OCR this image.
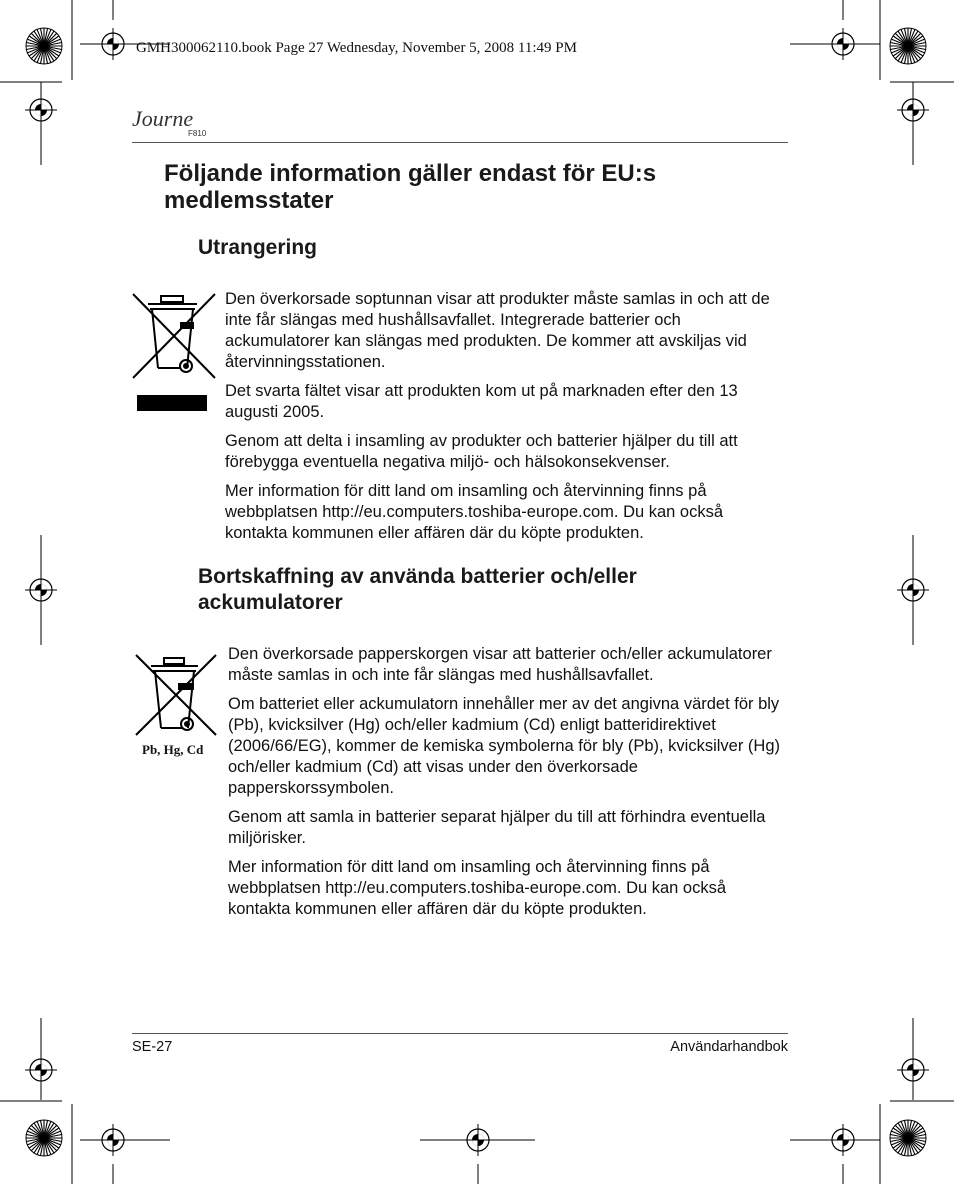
GMH300062110.book Page 27 Wednesday, November 5, 2008 11:49 PM
Journe
F810
Följande information gäller endast för EU:s medlemsstater
Utrangering

Den överkorsade soptunnan visar att produkter måste samlas in och att de inte får slängas med hushållsavfallet. Integrerade batterier och ackumulatorer kan slängas med produkten. De kommer att avskiljas vid återvinningsstationen.

Det svarta fältet visar att produkten kom ut på marknaden efter den 13 augusti 2005.

Genom att delta i insamling av produkter och batterier hjälper du till att förebygga eventuella negativa miljö- och hälsokonsekvenser.

Mer information för ditt land om insamling och återvinning finns på webbplatsen http://eu.computers.toshiba-europe.com. Du kan också kontakta kommunen eller affären där du köpte produkten.

Bortskaffning av använda batterier och/eller ackumulatorer
Pb, Hg, Cd

Den överkorsade papperskorgen visar att batterier och/eller ackumulatorer måste samlas in och inte får slängas med hushållsavfallet.

Om batteriet eller ackumulatorn innehåller mer av det angivna värdet för bly (Pb), kvicksilver (Hg) och/eller kadmium (Cd) enligt batteridirektivet (2006/66/EG), kommer de kemiska symbolerna för bly (Pb), kvicksilver (Hg) och/eller kadmium (Cd) att visas under den överkorsade papperskorssymbolen.

Genom att samla in batterier separat hjälper du till att förhindra eventuella miljörisker.

Mer information för ditt land om insamling och återvinning finns på webbplatsen http://eu.computers.toshiba-europe.com. Du kan också kontakta kommunen eller affären där du köpte produkten.

SE-27	Användarhandbok
